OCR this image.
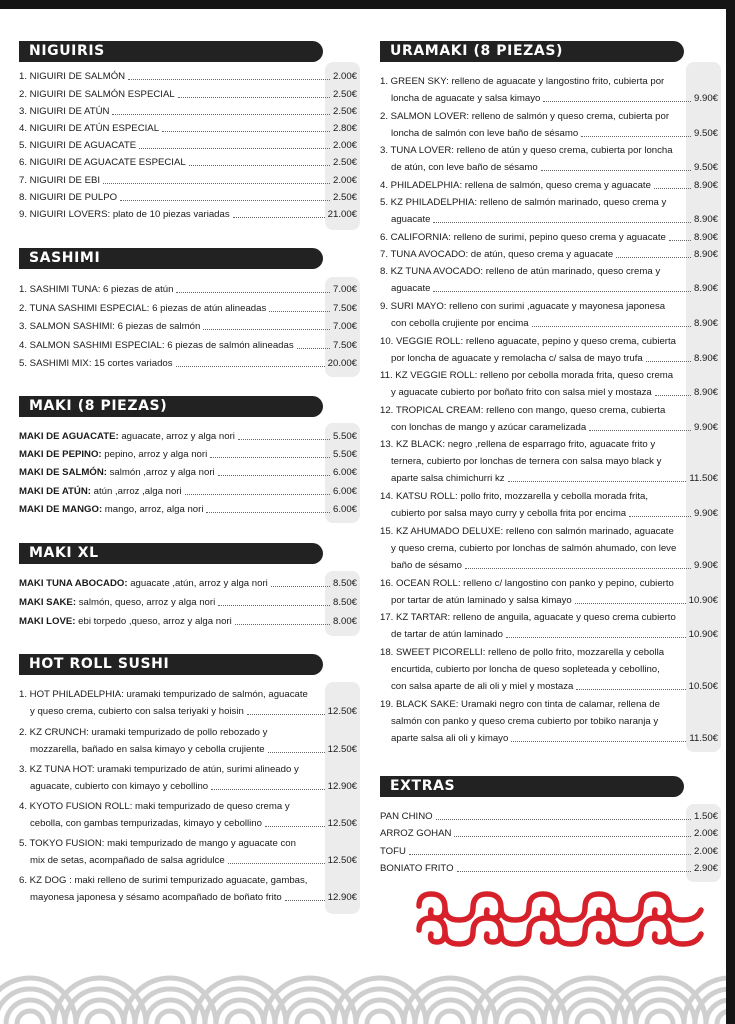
NIGUIRIS
SASHIMI
MAKI (8 PIEZAS)
MAKI XL
HOT ROLL SUSHI
URAMAKI (8 PIEZAS)
EXTRAS
1. NIGUIRI DE SALMÓN	2.00€
2. NIGUIRI DE SALMÓN ESPECIAL	2.50€
3. NIGUIRI DE ATÚN	2.50€
4. NIGUIRI DE ATÚN ESPECIAL	2.80€
5. NIGUIRI DE AGUACATE	2.00€
6. NIGUIRI DE AGUACATE ESPECIAL	2.50€
7. NIGUIRI DE EBI	2.00€
8. NIGUIRI DE PULPO	2.50€
9. NIGUIRI LOVERS: plato de 10 piezas variadas	21.00€
1. SASHIMI TUNA: 6 piezas de atún	7.00€
2. TUNA SASHIMI ESPECIAL: 6 piezas de atún alineadas	7.50€
3. SALMON SASHIMI: 6 piezas de salmón	7.00€
4. SALMON SASHIMI ESPECIAL: 6 piezas de salmón alineadas	7.50€
5. SASHIMI MIX: 15 cortes variados	20.00€
MAKI DE AGUACATE: aguacate, arroz y alga nori	5.50€
MAKI DE PEPINO: pepino, arroz y alga nori	5.50€
MAKI DE SALMÓN: salmón ,arroz y alga nori	6.00€
MAKI DE ATÚN: atún ,arroz ,alga nori	6.00€
MAKI DE MANGO: mango, arroz, alga nori	6.00€
MAKI TUNA ABOCADO: aguacate ,atún, arroz y alga nori	8.50€
MAKI SAKE: salmón, queso, arroz y alga nori	8.50€
MAKI LOVE: ebi torpedo ,queso, arroz y alga nori	8.00€
1. HOT PHILADELPHIA: uramaki tempurizado de salmón, aguacate
y queso crema, cubierto con salsa teriyaki y hoisin	12.50€
2. KZ CRUNCH: uramaki tempurizado de pollo rebozado y
mozzarella, bañado en salsa kimayo y cebolla crujiente	12.50€
3. KZ TUNA HOT: uramaki tempurizado de atún, surimi alineado y
aguacate, cubierto con kimayo y cebollino	12.90€
4. KYOTO FUSION ROLL: maki tempurizado de queso crema y
cebolla, con gambas tempurizadas, kimayo y cebollino	12.50€
5. TOKYO FUSION: maki tempurizado de mango y aguacate con
mix de setas, acompañado de salsa agridulce	12.50€
6. KZ DOG : maki relleno de surimi tempurizado aguacate, gambas,
mayonesa japonesa y sésamo acompañado de boñato frito	12.90€
1. GREEN SKY: relleno de aguacate y langostino frito, cubierta por
loncha de aguacate y salsa kimayo	9.90€
2. SALMON LOVER: relleno de salmón y queso crema, cubierta por
loncha de salmón con leve baño de sésamo	9.50€
3. TUNA LOVER: relleno de atún y queso crema, cubierta por loncha
de atún, con leve baño de sésamo	9.50€
4. PHILADELPHIA: rellena de salmón, queso crema y aguacate	8.90€
5. KZ PHILADELPHIA: relleno de salmón marinado, queso crema y
aguacate	8.90€
6. CALIFORNIA: relleno de surimi, pepino queso crema y aguacate	8.90€
7. TUNA AVOCADO: de atún, queso crema y aguacate	8.90€
8. KZ TUNA AVOCADO: relleno de atún marinado, queso crema y
aguacate	8.90€
9. SURI MAYO: relleno con surimi ,aguacate y mayonesa japonesa
con cebolla crujiente por encima	8.90€
10. VEGGIE ROLL: relleno aguacate, pepino y queso crema, cubierta
por loncha de aguacate y remolacha c/ salsa de mayo trufa	8.90€
11. KZ VEGGIE ROLL: relleno por cebolla morada frita, queso crema
y aguacate cubierto por boñato frito con salsa miel y mostaza	8.90€
12. TROPICAL CREAM: relleno con mango, queso crema, cubierta
con lonchas de mango y azúcar caramelizada	9.90€
13. KZ BLACK: negro ,rellena de esparrago frito, aguacate frito y
ternera, cubierto por lonchas de ternera con salsa mayo black y
aparte salsa chimichurri kz	11.50€
14. KATSU ROLL: pollo frito, mozzarella y cebolla morada frita,
cubierto por salsa mayo curry y cebolla frita por encima	9.90€
15. KZ AHUMADO DELUXE: relleno con salmón marinado, aguacate
y queso crema, cubierto por lonchas de salmón ahumado, con leve
baño de sésamo	9.90€
16. OCEAN ROLL: relleno c/ langostino con panko y pepino, cubierto
por tartar de atún laminado y salsa kimayo	10.90€
17. KZ TARTAR: relleno de anguila, aguacate y queso crema cubierto
de tartar de atún laminado	10.90€
18. SWEET PICORELLI: relleno de pollo frito, mozzarella y cebolla
encurtida, cubierto por loncha de queso sopleteada y cebollino,
con salsa aparte de ali oli y miel y mostaza	10.50€
19. BLACK SAKE: Uramaki negro con tinta de calamar, rellena de
salmón con panko y queso crema cubierto por tobiko naranja y
aparte salsa ali oli y kimayo	11.50€
PAN CHINO	1.50€
ARROZ GOHAN	2.00€
TOFU	2.00€
BONIATO FRITO	2.90€
